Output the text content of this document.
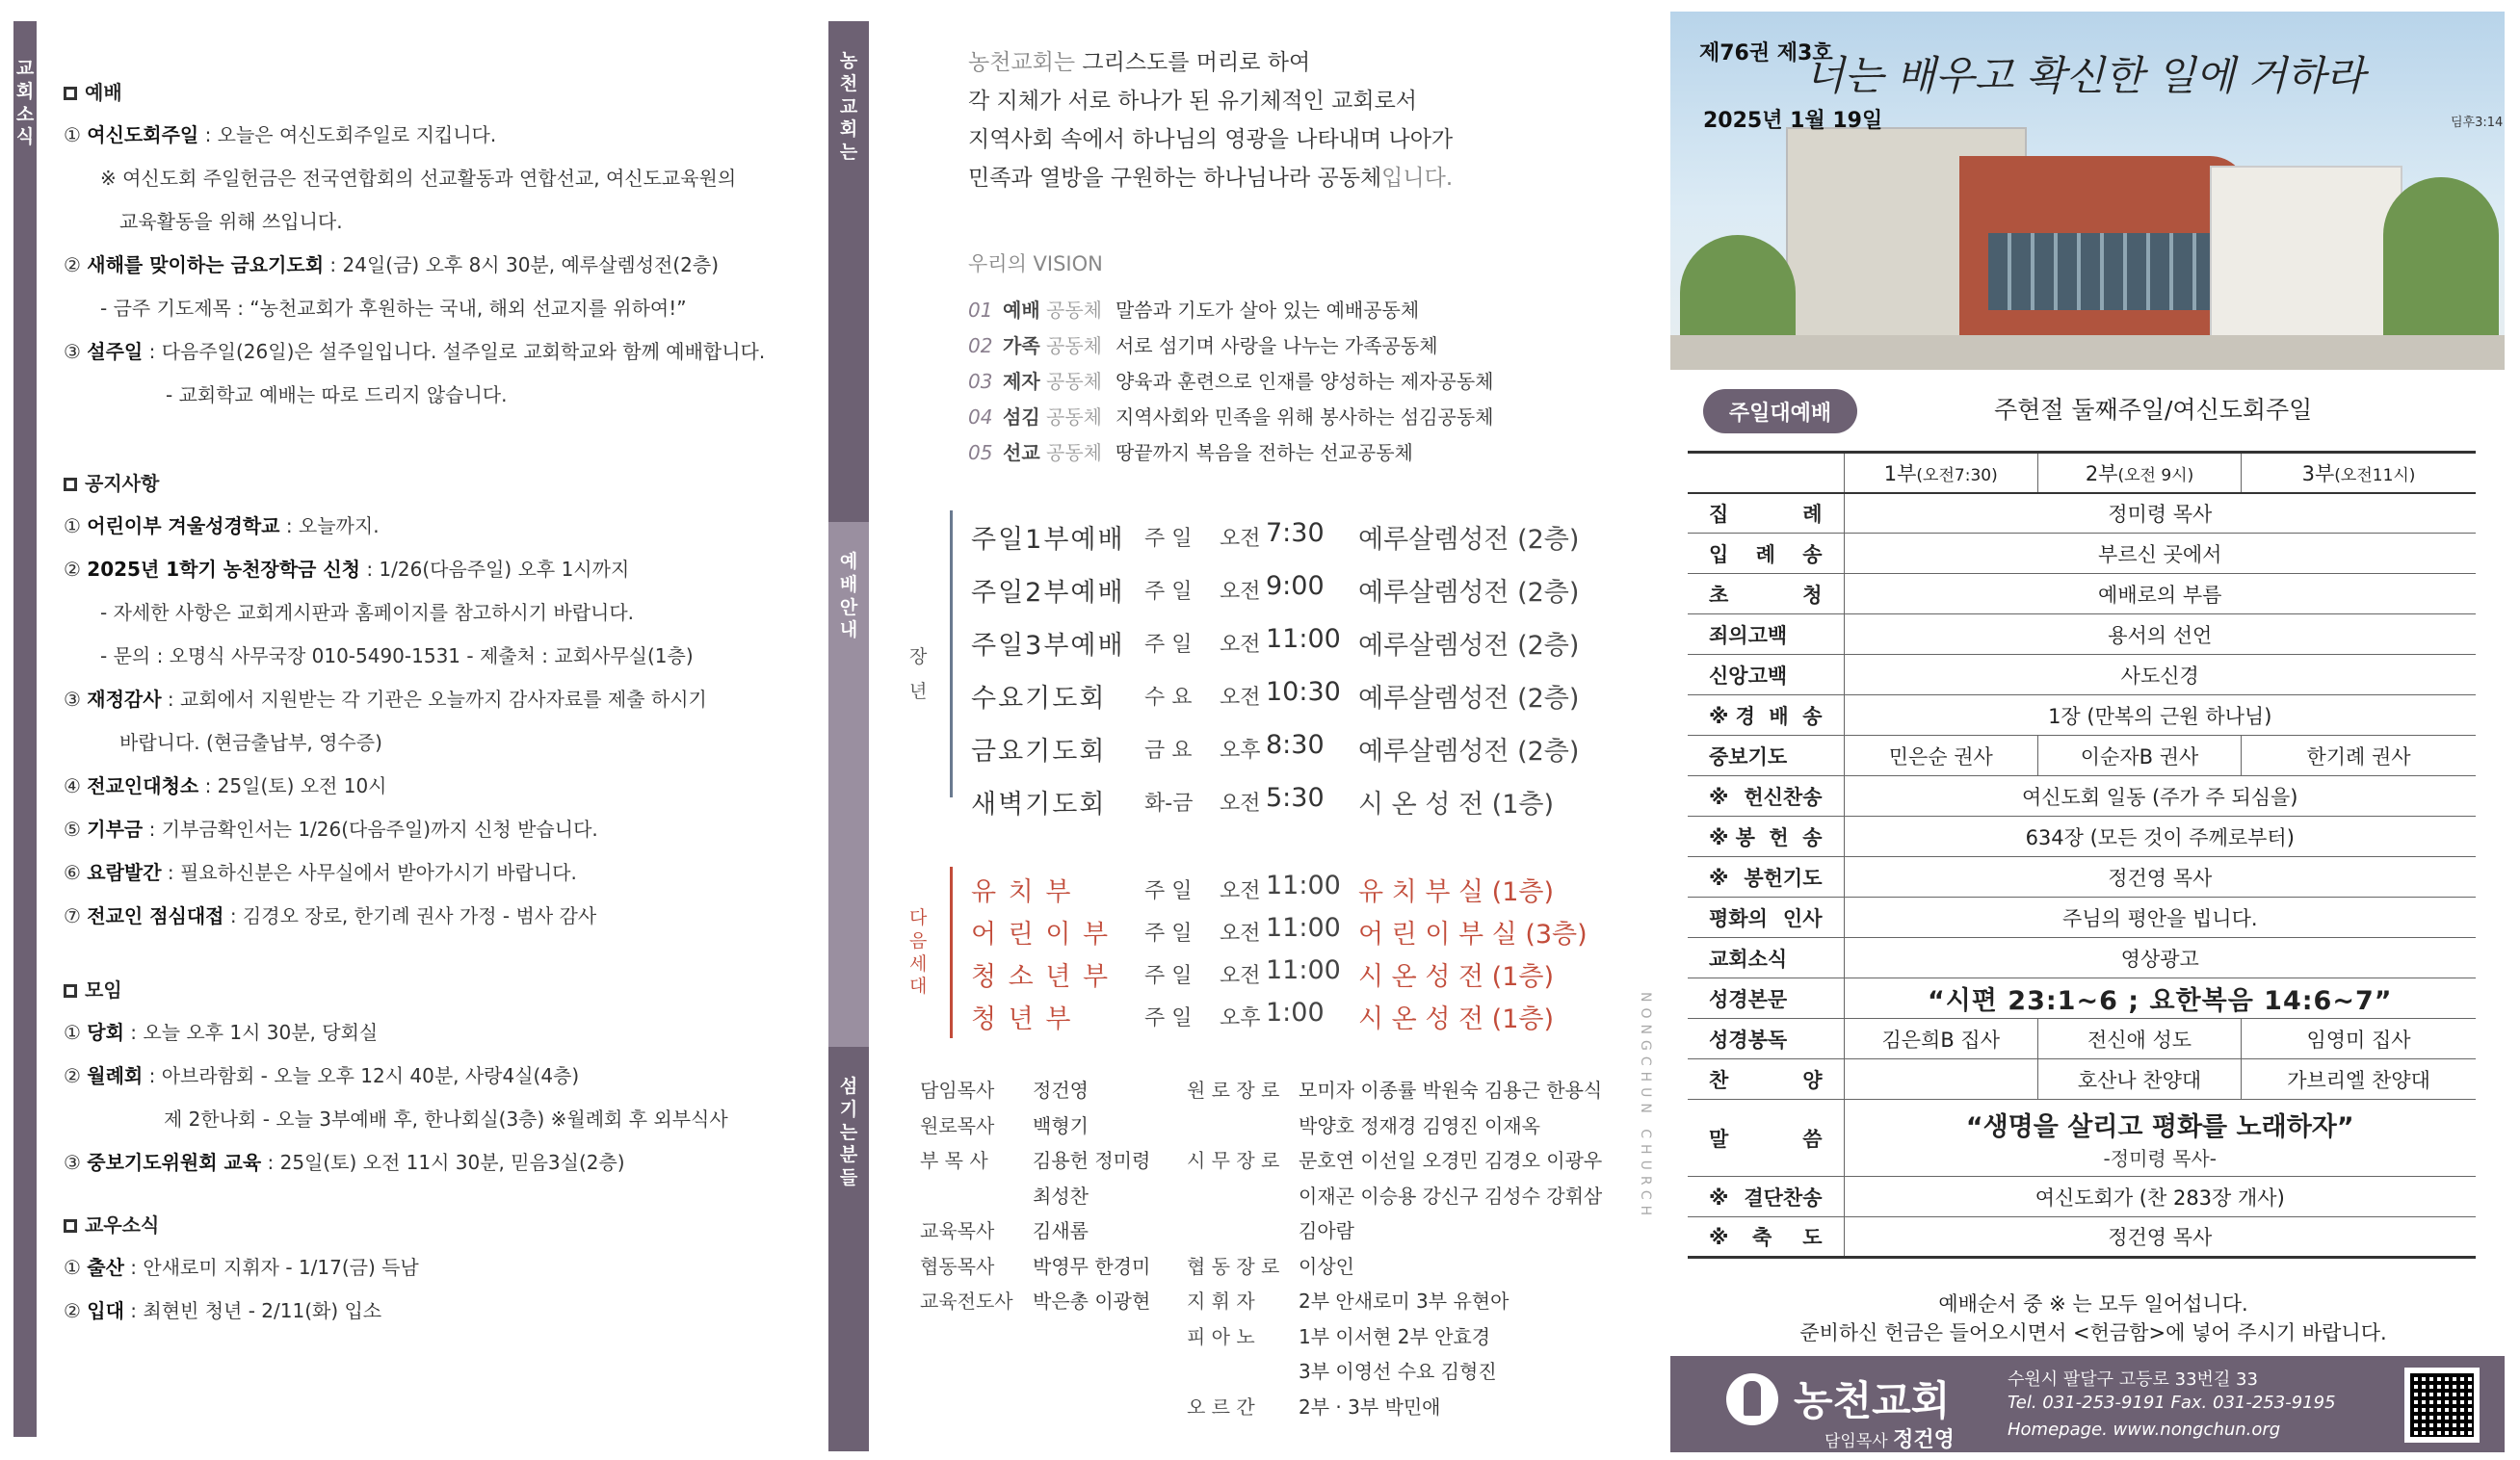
교
회
소
식
예배
① 여신도회주일 : 오늘은 여신도회주일로 지킵니다.
※ 여신도회 주일헌금은 전국연합회의 선교활동과 연합선교, 여신도교육원의
교육활동을 위해 쓰입니다.
② 새해를 맞이하는 금요기도회 : 24일(금) 오후 8시 30분, 예루살렘성전(2층)
- 금주 기도제목 : “농천교회가 후원하는 국내, 해외 선교지를 위하여!”
③ 설주일 : 다음주일(26일)은 설주일입니다. 설주일로 교회학교와 함께 예배합니다.
- 교회학교 예배는 따로 드리지 않습니다.
공지사항
① 어린이부 겨울성경학교 : 오늘까지.
② 2025년 1학기 농천장학금 신청 : 1/26(다음주일) 오후 1시까지
- 자세한 사항은 교회게시판과 홈페이지를 참고하시기 바랍니다.
- 문의 : 오명식 사무국장 010-5490-1531 - 제출처 : 교회사무실(1층)
③ 재정감사 : 교회에서 지원받는 각 기관은 오늘까지 감사자료를 제출 하시기
바랍니다. (현금출납부, 영수증)
④ 전교인대청소 : 25일(토) 오전 10시
⑤ 기부금 : 기부금확인서는 1/26(다음주일)까지 신청 받습니다.
⑥ 요람발간 : 필요하신분은 사무실에서 받아가시기 바랍니다.
⑦ 전교인 점심대접 : 김경오 장로, 한기례 권사 가정 - 범사 감사
모임
① 당회 : 오늘 오후 1시 30분, 당회실
② 월례회 : 아브라함회 - 오늘 오후 12시 40분, 사랑4실(4층)
제 2한나회 - 오늘 3부예배 후, 한나회실(3층) ※월례회 후 외부식사
③ 중보기도위원회 교육 : 25일(토) 오전 11시 30분, 믿음3실(2층)
교우소식
① 출산 : 안새로미 지휘자 - 1/17(금) 득남
② 입대 : 최현빈 청년 - 2/11(화) 입소
농
천
교
회
는
예
배
안
내
섬
기
는
분
들
농천교회는 그리스도를 머리로 하여
각 지체가 서로 하나가 된 유기체적인 교회로서
지역사회 속에서 하나님의 영광을 나타내며 나아가
민족과 열방을 구원하는 하나님나라 공동체입니다.
우리의 VISION
01 예배 공동체 말씀과 기도가 살아 있는 예배공동체
02 가족 공동체 서로 섬기며 사랑을 나누는 가족공동체
03 제자 공동체 양육과 훈련으로 인재를 양성하는 제자공동체
04 섬김 공동체 지역사회와 민족을 위해 봉사하는 섬김공동체
05 선교 공동체 땅끝까지 복음을 전하는 선교공동체
장
년
주일1부예배 주 일	오전 7:30	예루살렘성전 (2층)
주일2부예배 주 일	오전 9:00	예루살렘성전 (2층)
주일3부예배 주 일	오전 11:00 예루살렘성전 (2층)
수요기도회	수 요	오전 10:30 예루살렘성전 (2층)
금요기도회	금 요	오후 8:30	예루살렘성전 (2층)
새벽기도회	화-금	오전 5:30	시 온 성 전 (1층)
다
음
세
대
유 치 부	주 일	오전 11:00 유 치 부 실 (1층)
어 린 이 부	주 일	오전 11:00 어 린 이 부 실 (3층)
청 소 년 부	주 일	오전 11:00 시 온 성 전 (1층)
청 년 부	주 일	오후 1:00	시 온 성 전 (1층)
담임목사 정건영
원로목사 백형기
부 목 사 김용헌 정미령
최성찬
교육목사 김새롬
협동목사 박영무 한경미
교육전도사 박은총 이광현
원 로 장 로 모미자 이종률 박원숙 김용근 한용식
박양호 정재경 김영진 이재옥
시 무 장 로 문호연 이선일 오경민 김경오 이광우
이재곤 이승용 강신구 김성수 강휘삼
김아람
협 동 장 로 이상인
지 휘 자 2부 안새로미 3부 유현아
피 아 노 1부 이서현 2부 안효경
3부 이영선 수요 김형진
오 르 간 2부 · 3부 박민애
NONGCHUN CHURCH
제76권 제3호
2025년 1월 19일
너는 배우고 확신한 일에 거하라
딤후3:14
주일대예배	주현절 둘째주일/여신도회주일
	1부(오전7:30)	2부(오전 9시)	3부(오전11시)
집 례	정미령 목사		
입 례 송	부르신 곳에서		
초 청	예배로의 부름		
죄의고백	용서의 선언		
신앙고백	사도신경		
※경 배 송	1장 (만복의 근원 하나님)		
중보기도	민은순 권사	이순자B 권사	한기례 권사
※헌신찬송	여신도회 일동 (주가 주 되심을)		
※봉 헌 송	634장 (모든 것이 주께로부터)		
※봉헌기도	정건영 목사		
평화의 인사	주님의 평안을 빕니다.		
교회소식	영상광고		
성경본문	“시편 23:1~6 ; 요한복음 14:6~7”		
성경봉독	김은희B 집사	전신애 성도	임영미 집사
찬 양		호산나 찬양대	가브리엘 찬양대
말 씀	“생명을 살리고 평화를 노래하자”
-정미령 목사-		

※결단찬송	여신도회가 (찬 283장 개사)		
※축 도	정건영 목사		
예배순서 중 ※ 는 모두 일어섭니다.
준비하신 헌금은 들어오시면서 <헌금함>에 넣어 주시기 바랍니다.
농천교회
담임목사 정건영
수원시 팔달구 고등로 33번길 33
Tel. 031-253-9191 Fax. 031-253-9195
Homepage. www.nongchun.org
